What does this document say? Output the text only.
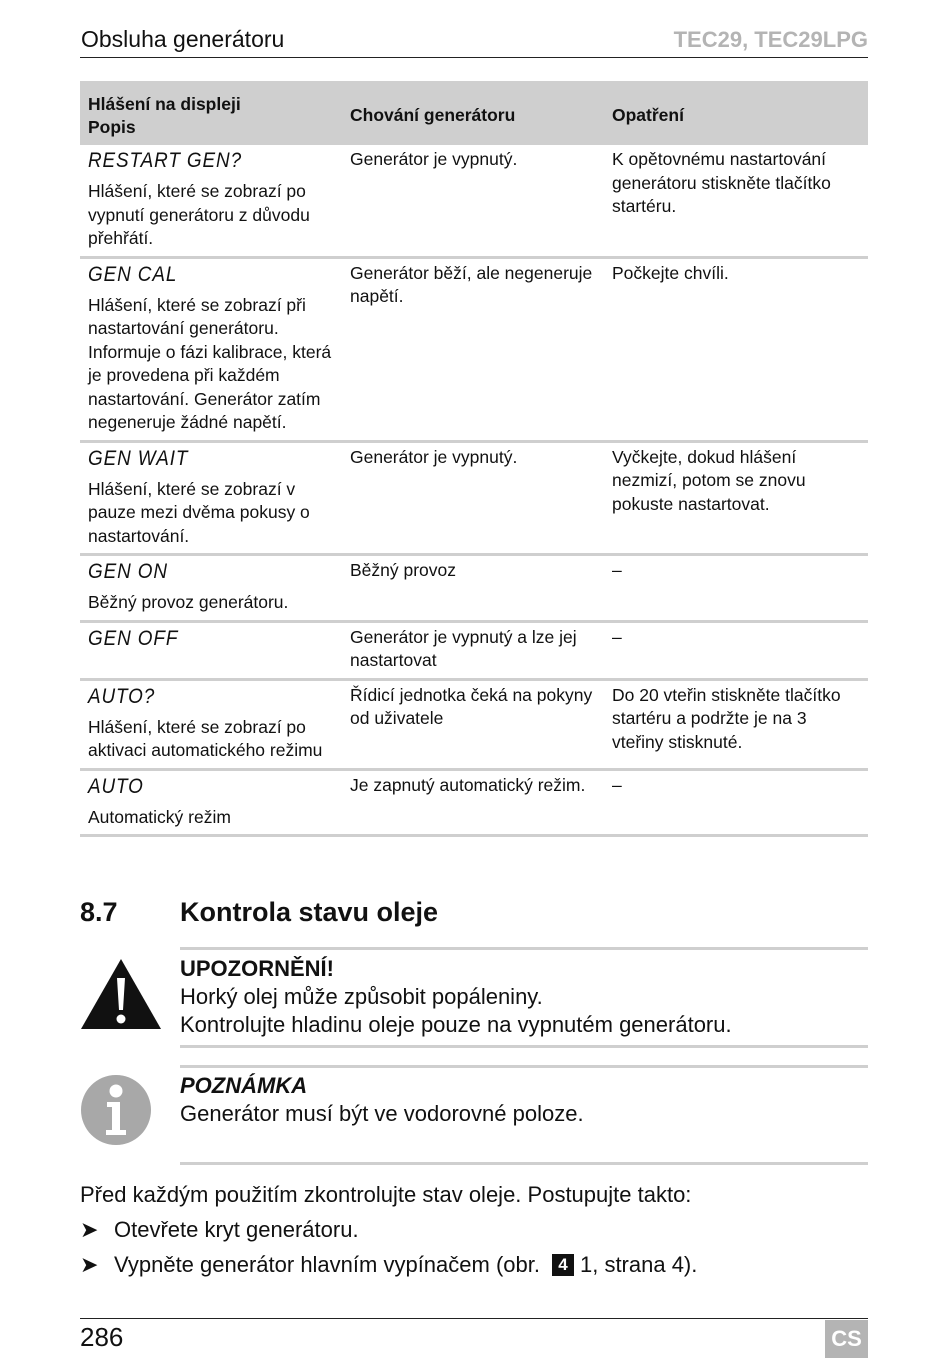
Obsluha generátoru	TEC29, TEC29LPG
Hlášení na displeji
Popis	Chování generátoru	Opatření

RESTART GEN?
Hlášení, které se zobrazí po vypnutí generátoru z důvodu přehřátí.	Generátor je vypnutý.	K opětovnému nastartování generátoru stiskněte tlačítko startéru.

GEN CAL
Hlášení, které se zobrazí při nastartování generátoru. Informuje o fázi kalibrace, která je provedena při každém nastartování. Generátor zatím negeneruje žádné napětí.	Generátor běží, ale negeneruje napětí.	Počkejte chvíli.

GEN WAIT
Hlášení, které se zobrazí v pauze mezi dvěma pokusy o nastartování.	Generátor je vypnutý.	Vyčkejte, dokud hlášení nezmizí, potom se znovu pokuste nastartovat.

GEN ON
Běžný provoz generátoru.	Běžný provoz	–

GEN OFF	Generátor je vypnutý a lze jej nastartovat	–

AUTO?
Hlášení, které se zobrazí po aktivaci automatického režimu	Řídicí jednotka čeká na pokyny od uživatele	Do 20 vteřin stiskněte tlačítko startéru a podržte je na 3 vteřiny stisknuté.

AUTO
Automatický režim	Je zapnutý automatický režim.	–
8.7 Kontrola stavu oleje
UPOZORNĚNÍ!
Horký olej může způsobit popáleniny.
Kontrolujte hladinu oleje pouze na vypnutém generátoru.
POZNÁMKA
Generátor musí být ve vodorovné poloze.
Před každým použitím zkontrolujte stav oleje. Postupujte takto:
➤ Otevřete kryt generátoru.
➤ Vypněte generátor hlavním vypínačem (obr. 4 1, strana 4).
286	CS
